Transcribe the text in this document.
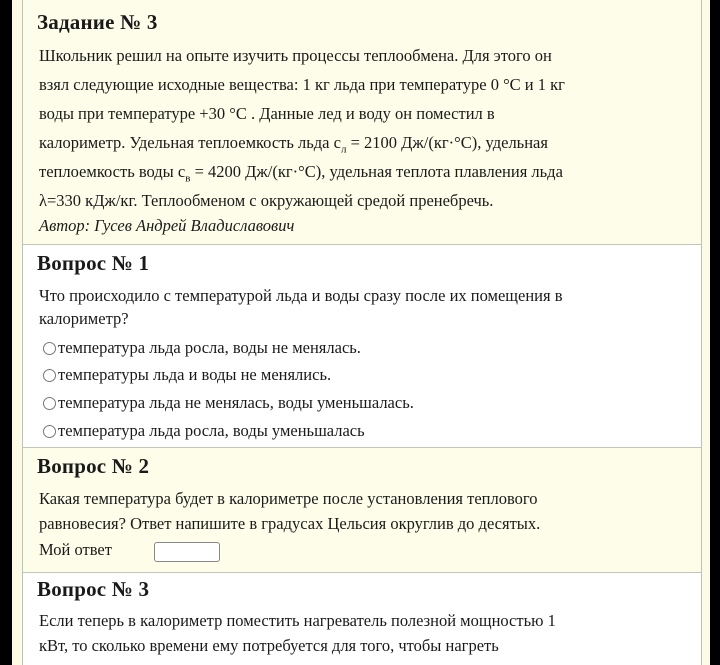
Задание № 3
Школьник решил на опыте изучить процессы теплообмена. Для этого он
взял следующие исходные вещества: 1 кг льда при температуре 0 °С и 1 кг
воды при температуре +30 °С . Данные лед и воду он поместил в
калориметр. Удельная теплоемкость льда $с_л = 2100$ Дж/(кг·°С), удельная
теплоемкость воды $с_в = 4200$ Дж/(кг·°С), удельная теплота плавления льда
λ=330 кДж/кг. Теплообменом с окружающей средой пренебречь.
Автор: Гусев Андрей Владиславович
Вопрос № 1
Что происходило с температурой льда и воды сразу после их помещения в
калориметр?
температура льда росла, воды не менялась.
температуры льда и воды не менялись.
температура льда не менялась, воды уменьшалась.
температура льда росла, воды уменьшалась
Вопрос № 2
Какая температура будет в калориметре после установления теплового
равновесия? Ответ напишите в градусах Цельсия округлив до десятых.
Мой ответ
Вопрос № 3
Если теперь в калориметр поместить нагреватель полезной мощностью 1
кВт, то сколько времени ему потребуется для того, чтобы нагреть
